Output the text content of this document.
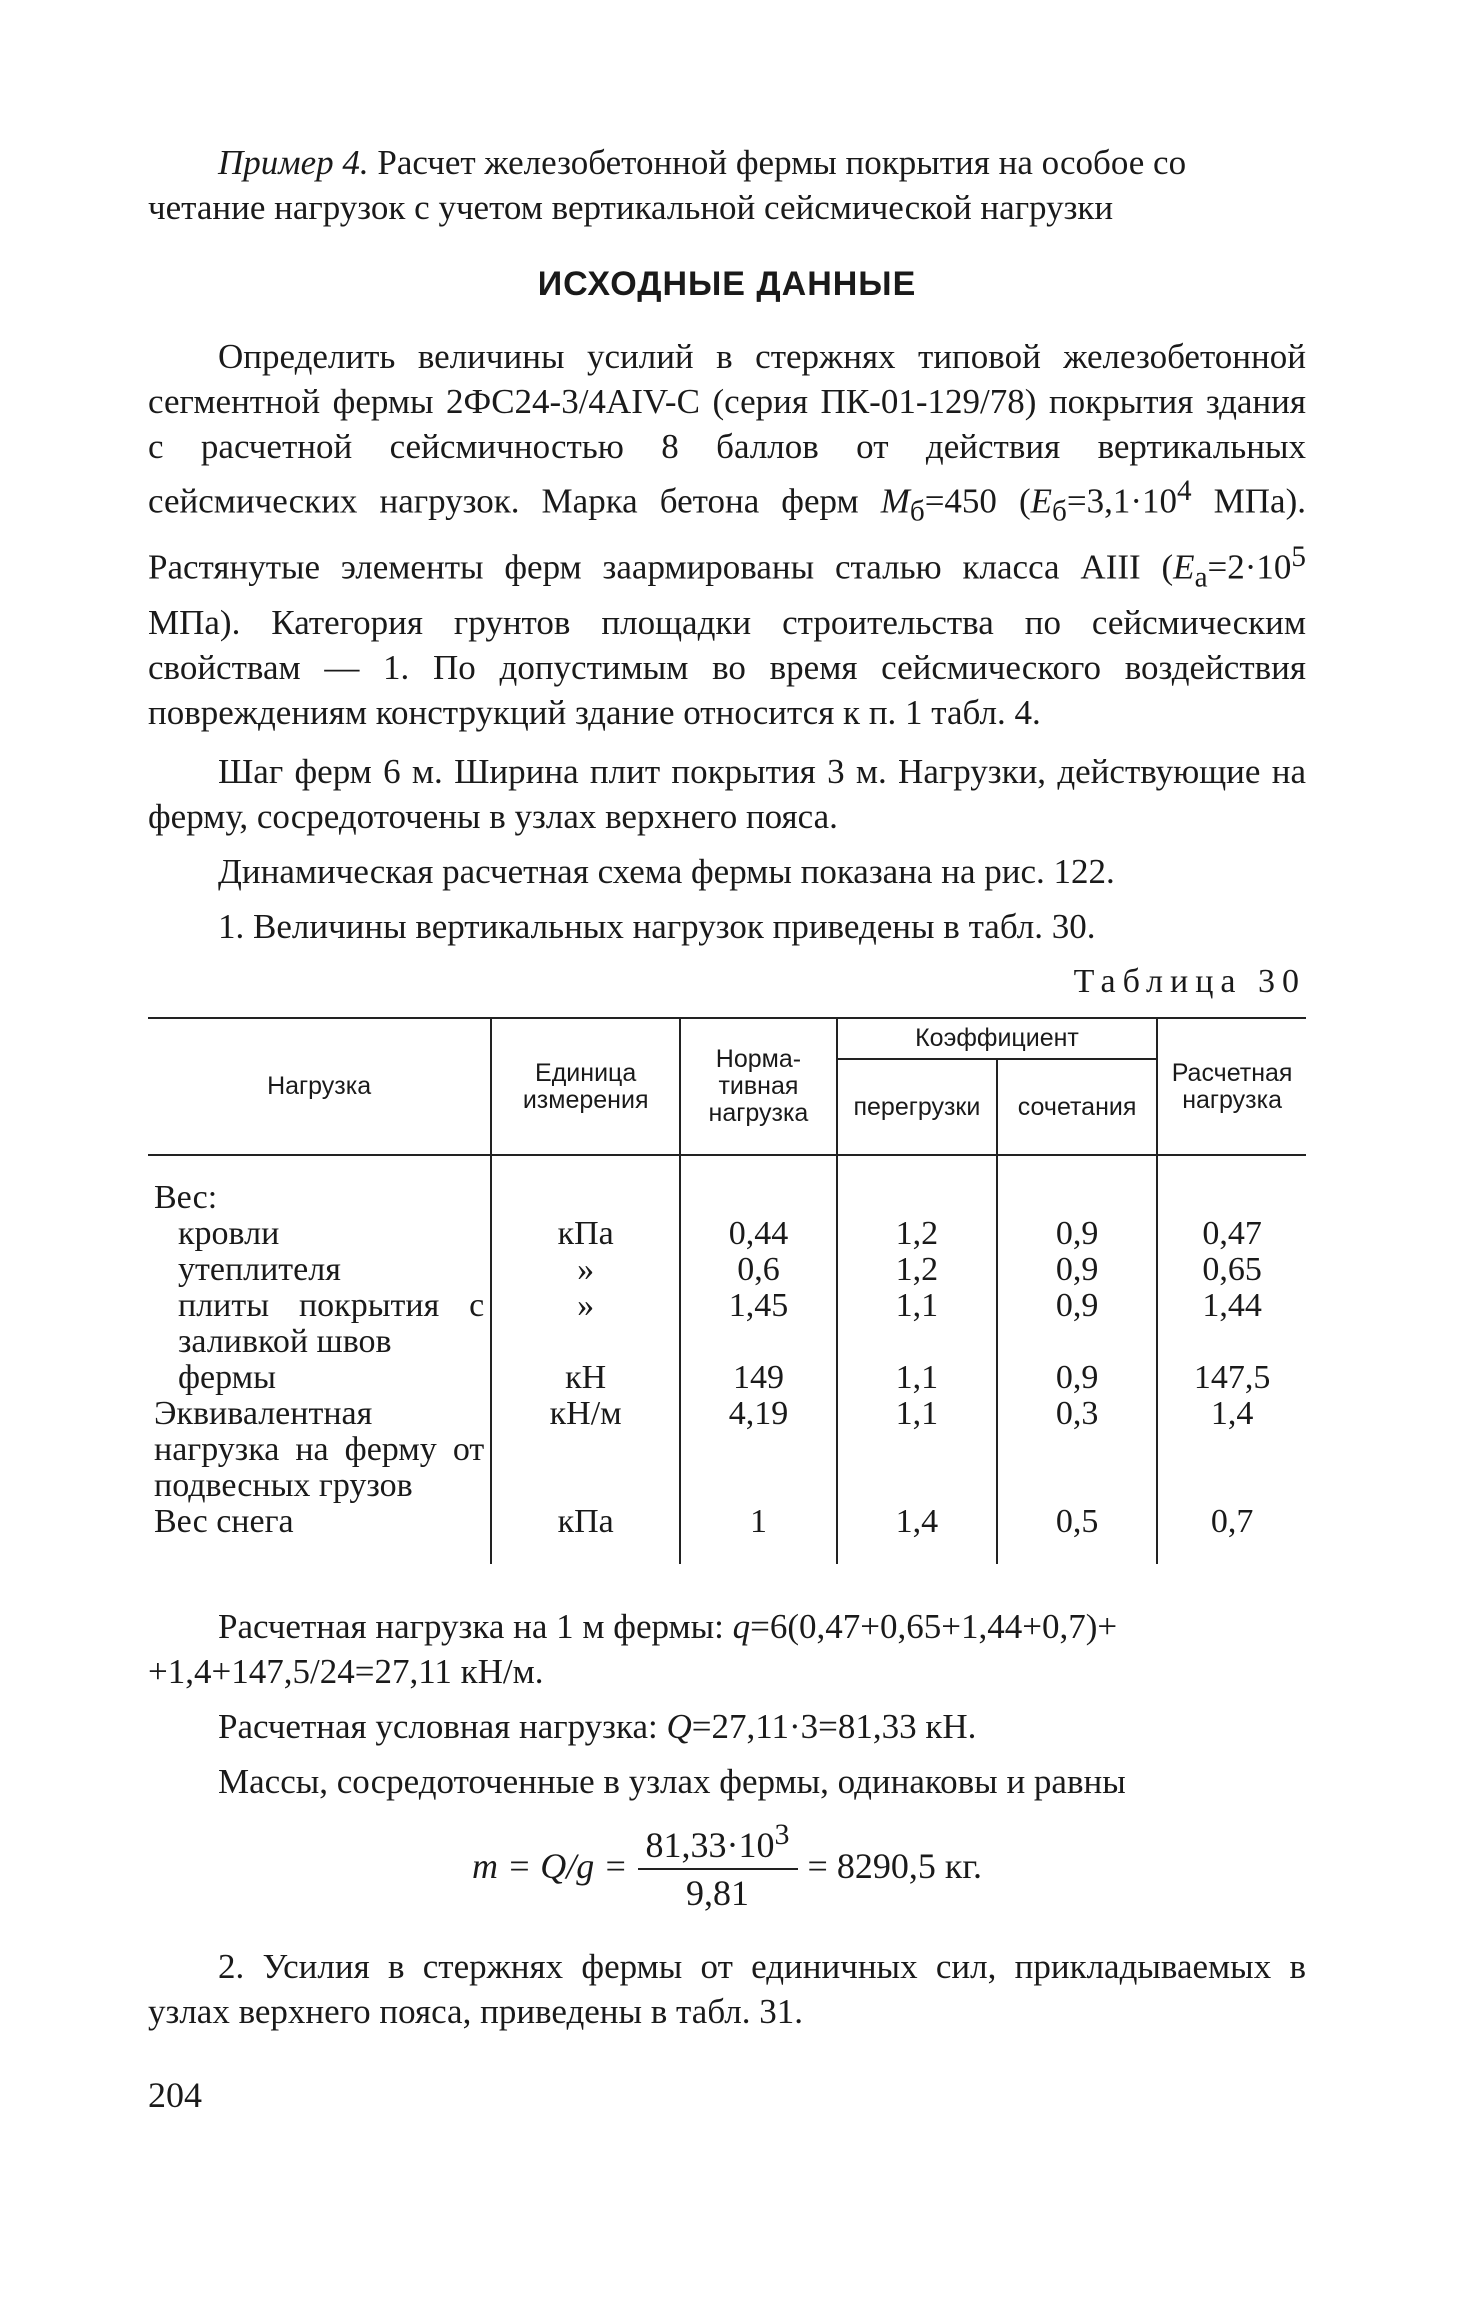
Пример 4. Расчет железобетонной фермы покрытия на особое со

четание нагрузок с учетом вертикальной сейсмической нагрузки

ИСХОДНЫЕ ДАННЫЕ

Определить величины усилий в стержнях типовой железобетонной сегментной фермы 2ФС24-3/4AIV-C (серия ПК-01-129/78) покрытия здания с расчетной сейсмичностью 8 баллов от действия вертикальных сейсмических нагрузок. Марка бетона ферм $М_б=450$ ($Е_б=3,1\cdot 10^4$ МПа). Растянутые элементы ферм заармированы сталью класса AIII ($Е_а=2\cdot 10^5$ МПа). Категория грунтов площадки строительства по сейсмическим свойствам — 1. По допустимым во время сейсмического воздействия повреждениям конструкций здание относится к п. 1 табл. 4.

Шаг ферм 6 м. Ширина плит покрытия 3 м. Нагрузки, действующие на ферму, сосредоточены в узлах верхнего пояса.

Динамическая расчетная схема фермы показана на рис. 122.

1. Величины вертикальных нагрузок приведены в табл. 30.

Таблица 30

Нагрузка	Единица измерения	Нормативная нагрузка	Коэффициент		Расчетная нагрузка
			перегрузки	сочетания	

Вес:					
кровли	кПа	0,44	1,2	0,9	0,47
утеплителя	»	0,6	1,2	0,9	0,65
плиты покрытия с заливкой швов	»	1,45	1,1	0,9	1,44
фермы	кН	149	1,1	0,9	147,5
Эквивалентная нагрузка на ферму от подвесных грузов	кН/м	4,19	1,1	0,3	1,4
Вес снега	кПа	1	1,4	0,5	0,7

Расчетная нагрузка на 1 м фермы: q=6(0,47+0,65+1,44+0,7)+

+1,4+147,5/24=27,11 кН/м.

Расчетная условная нагрузка: Q=27,11·3=81,33 кН.

Массы, сосредоточенные в узлах фермы, одинаковы и равны

$m = Q/g = \frac{81,33\cdot 10^3}{9,81} = 8290,5$ кг.

2. Усилия в стержнях фермы от единичных сил, прикладываемых в узлах верхнего пояса, приведены в табл. 31.

204
